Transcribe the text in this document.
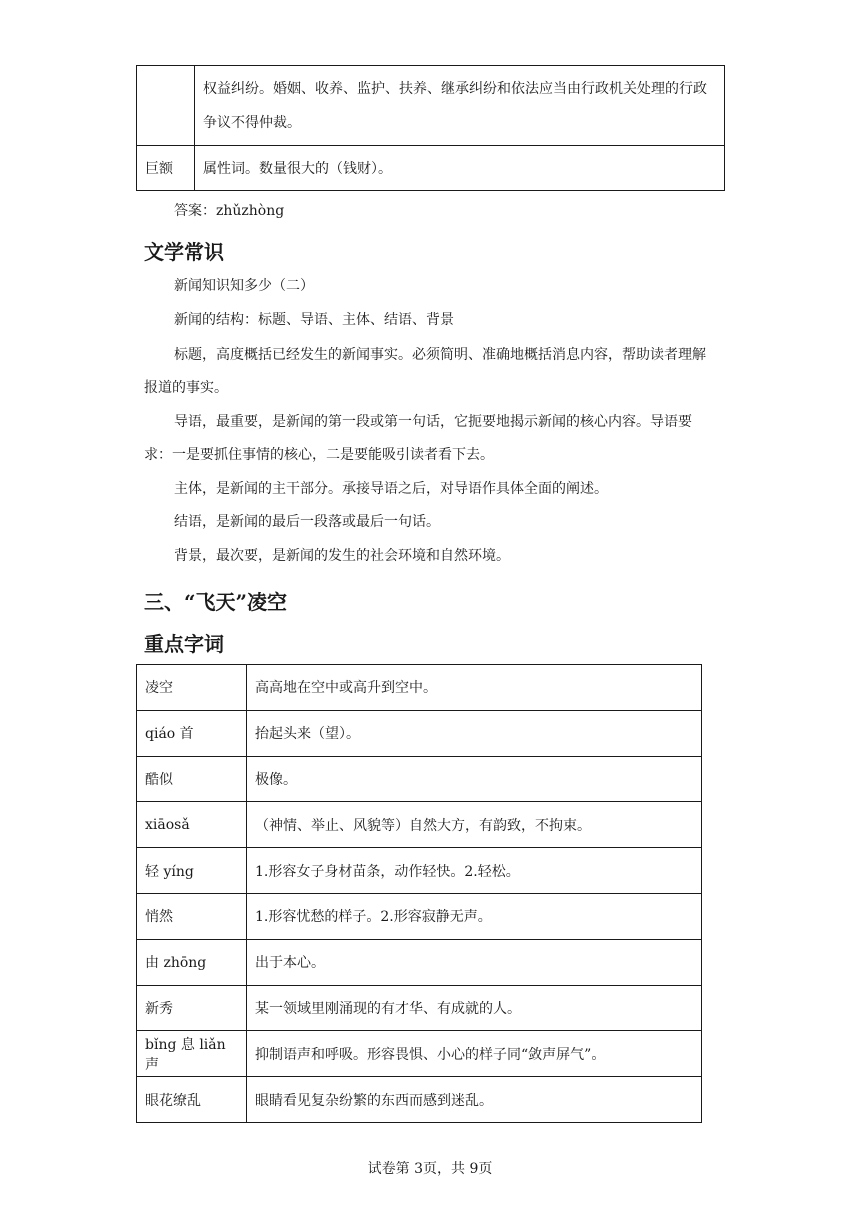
	权益纠纷。婚姻、收养、监护、扶养、继承纠纷和依法应当由行政机关处理的行政争议不得仲裁。
巨额	属性词。数量很大的（钱财）。
答案：zhǔzhòng
文学常识
新闻知识知多少（二）
新闻的结构：标题、导语、主体、结语、背景
标题，高度概括已经发生的新闻事实。必须简明、准确地概括消息内容，帮助读者理解报道的事实。
导语，最重要，是新闻的第一段或第一句话，它扼要地揭示新闻的核心内容。导语要求：一是要抓住事情的核心，二是要能吸引读者看下去。
主体，是新闻的主干部分。承接导语之后，对导语作具体全面的阐述。
结语，是新闻的最后一段落或最后一句话。
背景，最次要，是新闻的发生的社会环境和自然环境。
三、“飞天”凌空
重点字词
凌空	高高地在空中或高升到空中。
qiáo 首	抬起头来（望）。
酷似	极像。
xiāosǎ	（神情、举止、风貌等）自然大方，有韵致，不拘束。
轻 yíng	1.形容女子身材苗条，动作轻快。2.轻松。
悄然	1.形容忧愁的样子。2.形容寂静无声。
由 zhōng	出于本心。
新秀	某一领域里刚涌现的有才华、有成就的人。
bǐng 息 liǎn 声	抑制语声和呼吸。形容畏惧、小心的样子同“敛声屏气”。
眼花缭乱	眼睛看见复杂纷繁的东西而感到迷乱。
试卷第 3页，共 9页
